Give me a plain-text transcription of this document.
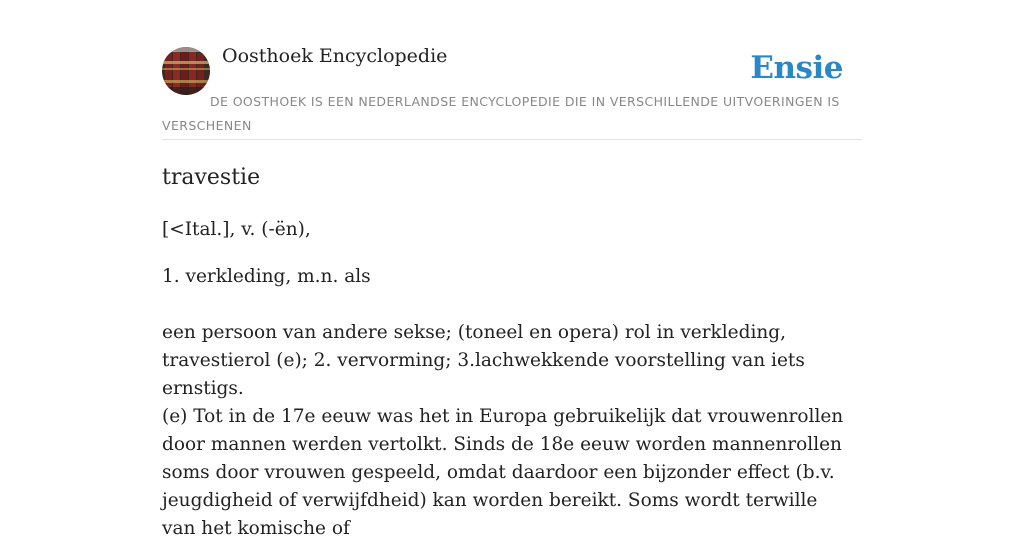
Oosthoek Encyclopedie	Ensie
DE OOSTHOEK IS EEN NEDERLANDSE ENCYCLOPEDIE DIE IN VERSCHILLENDE UITVOERINGEN IS VERSCHENEN
travestie

[<Ital.], v. (-ën),

1. verkleding, m.n. als

een persoon van andere sekse; (toneel en opera) rol in verkleding, travestierol (e); 2. vervorming; 3.lachwekkende voorstelling van iets ernstigs.

(e) Tot in de 17e eeuw was het in Europa gebruikelijk dat vrouwenrollen door mannen werden vertolkt. Sinds de 18e eeuw worden mannenrollen soms door vrouwen gespeeld, omdat daardoor een bijzonder effect (b.v. jeugdigheid of verwijfdheid) kan worden bereikt. Soms wordt terwille van het komische of
